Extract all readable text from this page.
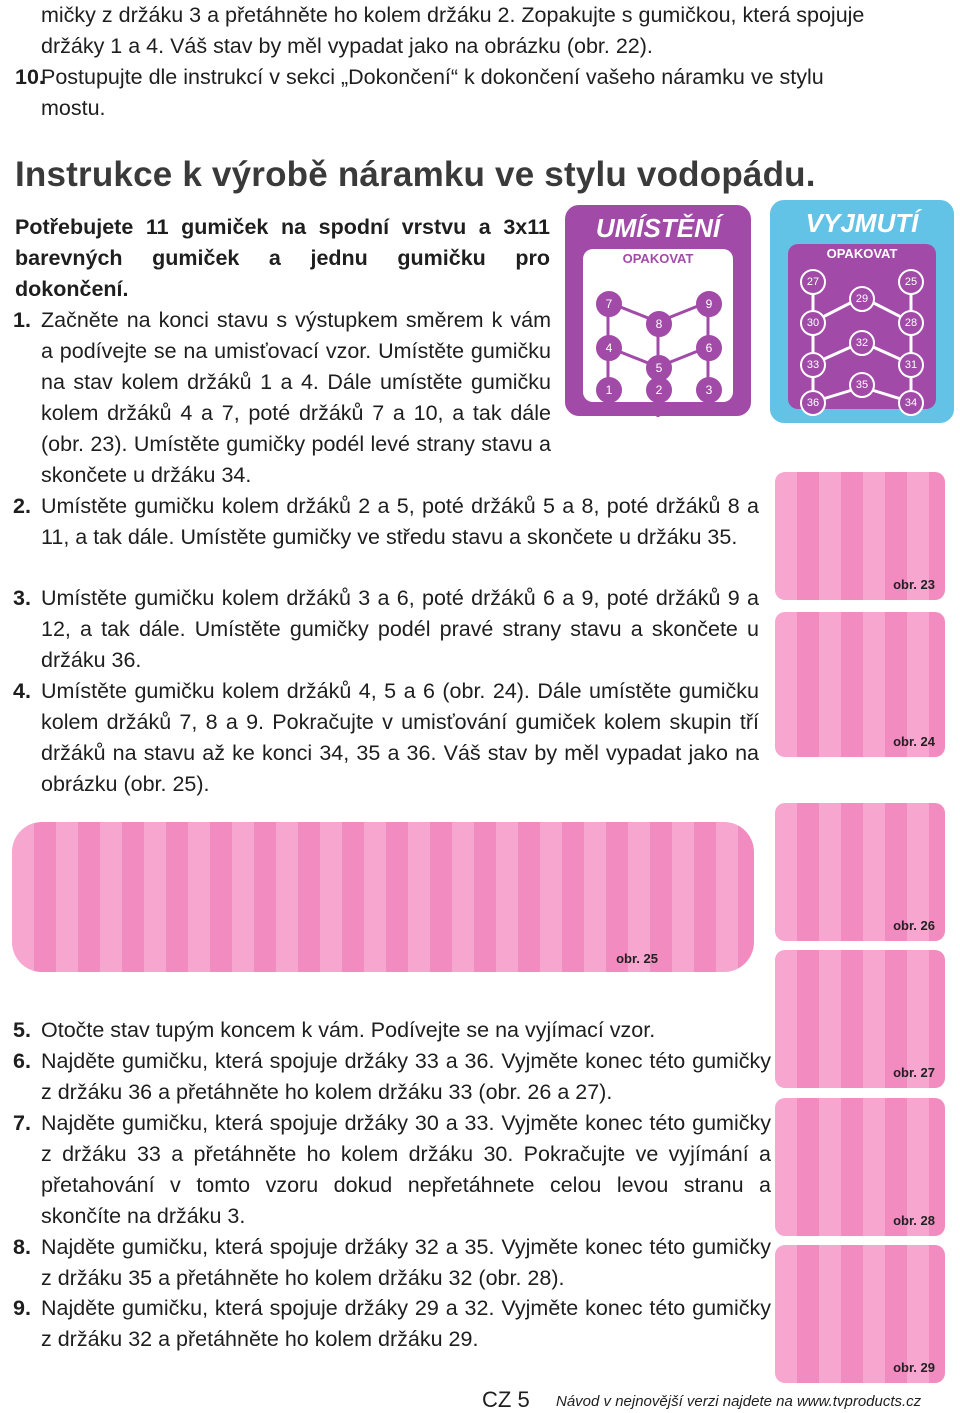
mičky z držáku 3 a přetáhněte ho kolem držáku 2. Zopakujte s gumičkou, která spojuje
držáky 1 a 4. Váš stav by měl vypadat jako na obrázku (obr. 22).
10.
Postupujte dle instrukcí v sekci „Dokončení“ k dokončení vašeho náramku ve stylu
mostu.
Instrukce k výrobě náramku ve stylu vodopádu.
Potřebujete 11 gumiček na spodní vrstvu a 3x11 barevných gumiček a jednu gumičku pro dokončení.
UMÍSTĚNÍ
OPAKOVAT
7	9
8
4	6
5
1	3
2
VYJMUTÍ
OPAKOVAT
27	25
29
30	28
32
33	31
35
36	34
1. Začněte na konci stavu s výstupkem směrem k vám a podívejte se na umisťovací vzor. Umístěte gumičku na stav kolem držáků 1 a 4. Dále umístěte gumičku kolem držáků 4 a 7, poté držáků 7 a 10, a tak dále (obr. 23). Umístěte gumičky podél levé strany stavu a skončete u držáku 34.
2. Umístěte gumičku kolem držáků 2 a 5, poté držáků 5 a 8, poté držáků 8 a 11, a tak dále. Umístěte gumičky ve středu stavu a skončete u držáku 35.
3. Umístěte gumičku kolem držáků 3 a 6, poté držáků 6 a 9, poté držáků 9 a 12, a tak dále. Umístěte gumičky podél pravé strany stavu a skončete u držáku 36.
4. Umístěte gumičku kolem držáků 4, 5 a 6 (obr. 24). Dále umístěte gumičku kolem držáků 7, 8 a 9. Pokračujte v umisťování gumiček kolem skupin tří držáků na stavu až ke konci 34, 35 a 36. Váš stav by měl vypadat jako na obrázku (obr. 25).
obr. 23
obr. 24
obr. 25
obr. 26
obr. 27
obr. 28
obr. 29
5. Otočte stav tupým koncem k vám. Podívejte se na vyjímací vzor.
6. Najděte gumičku, která spojuje držáky 33 a 36. Vyjměte konec této gumičky z držáku 36 a přetáhněte ho kolem držáku 33 (obr. 26 a 27).
7. Najděte gumičku, která spojuje držáky 30 a 33. Vyjměte konec této gumičky z držáku 33 a přetáhněte ho kolem držáku 30. Pokračujte ve vyjímání a přetahování v tomto vzoru dokud nepřetáhnete celou levou stranu a skončíte na držáku 3.
8. Najděte gumičku, která spojuje držáky 32 a 35. Vyjměte konec této gumičky z držáku 35 a přetáhněte ho kolem držáku 32 (obr. 28).
9. Najděte gumičku, která spojuje držáky 29 a 32. Vyjměte konec této gumičky z držáku 32 a přetáhněte ho kolem držáku 29.
CZ 5 Návod v nejnovější verzi najdete na www.tvproducts.cz
